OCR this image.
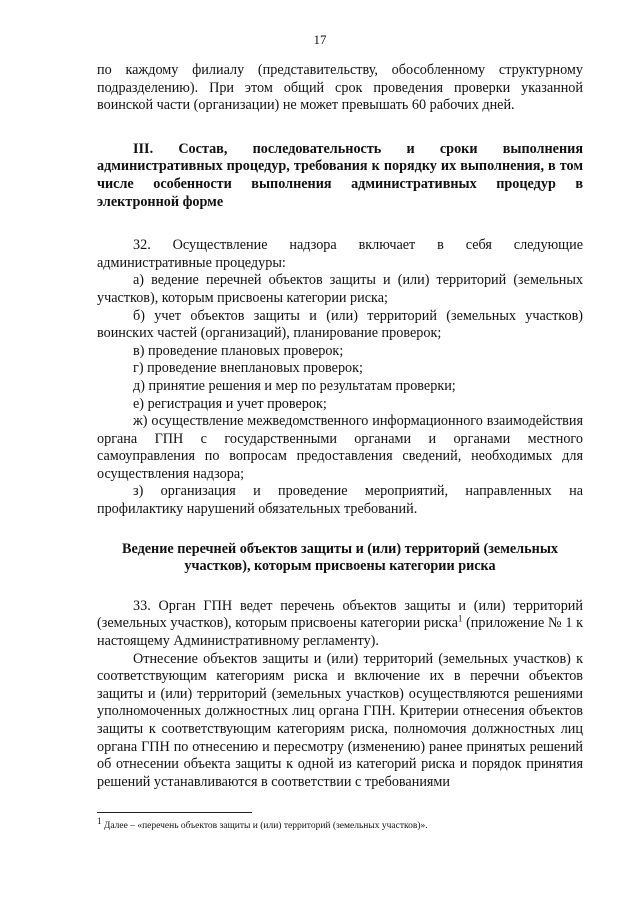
17

по каждому филиалу (представительству, обособленному структурному подразделению). При этом общий срок проведения проверки указанной воинской части (организации) не может превышать 60 рабочих дней.

III. Состав, последовательность и сроки выполнения административных процедур, требования к порядку их выполнения, в том числе особенности выполнения административных процедур в электронной форме

32. Осуществление надзора включает в себя следующие административные процедуры:

а) ведение перечней объектов защиты и (или) территорий (земельных участков), которым присвоены категории риска;

б) учет объектов защиты и (или) территорий (земельных участков) воинских частей (организаций), планирование проверок;

в) проведение плановых проверок;

г) проведение внеплановых проверок;

д) принятие решения и мер по результатам проверки;

е) регистрация и учет проверок;

ж) осуществление межведомственного информационного взаимодействия органа ГПН с государственными органами и органами местного самоуправления по вопросам предоставления сведений, необходимых для осуществления надзора;

з) организация и проведение мероприятий, направленных на профилактику нарушений обязательных требований.

Ведение перечней объектов защиты и (или) территорий (земельных участков), которым присвоены категории риска

33. Орган ГПН ведет перечень объектов защиты и (или) территорий (земельных участков), которым присвоены категории риска$^1$ (приложение № 1 к настоящему Административному регламенту).

Отнесение объектов защиты и (или) территорий (земельных участков) к соответствующим категориям риска и включение их в перечни объектов защиты и (или) территорий (земельных участков) осуществляются решениями уполномоченных должностных лиц органа ГПН. Критерии отнесения объектов защиты к соответствующим категориям риска, полномочия должностных лиц органа ГПН по отнесению и пересмотру (изменению) ранее принятых решений об отнесении объекта защиты к одной из категорий риска и порядок принятия решений устанавливаются в соответствии с требованиями

$^1$ Далее – «перечень объектов защиты и (или) территорий (земельных участков)».
